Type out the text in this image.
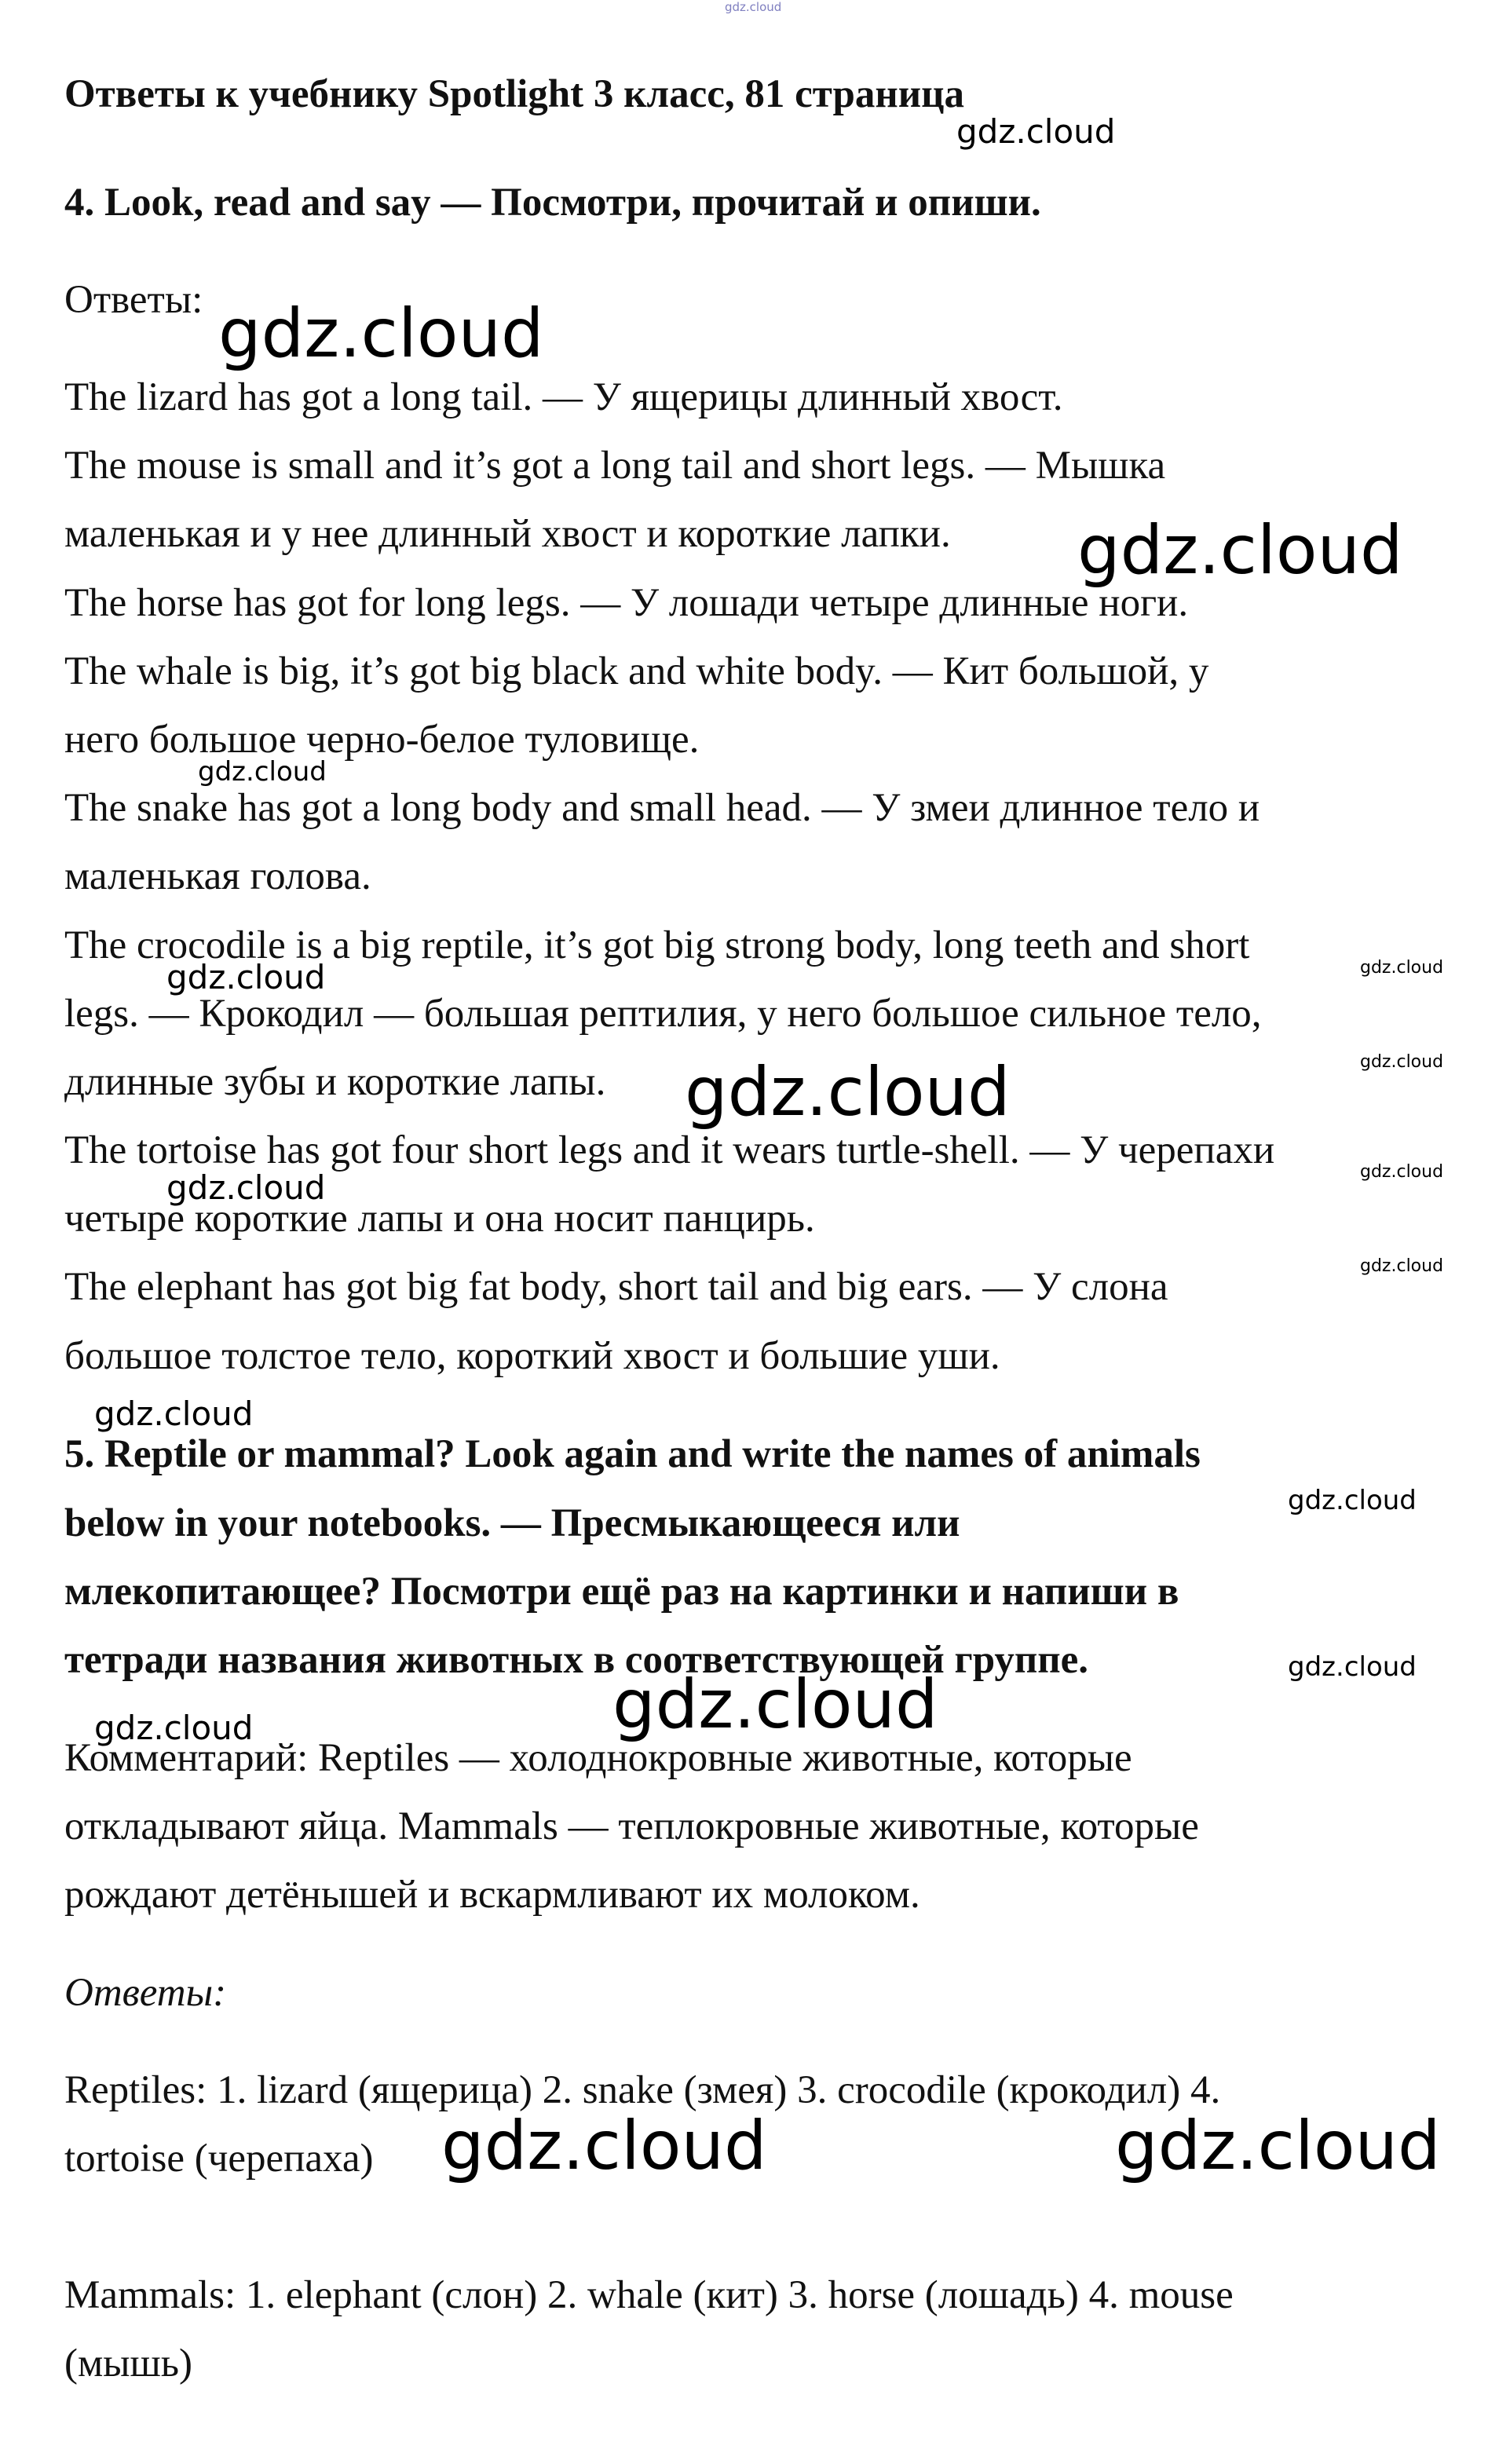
Ответы к учебнику Spotlight 3 класс, 81 страница
4. Look, read and say — Посмотри, прочитай и опиши.
Ответы:
The lizard has got a long tail. — У ящерицы длинный хвост.
The mouse is small and it’s got a long tail and short legs. — Мышка
маленькая и у нее длинный хвост и короткие лапки.
The horse has got for long legs. — У лошади четыре длинные ноги.
The whale is big, it’s got big black and white body. — Кит большой, у
него большое черно-белое туловище.
The snake has got a long body and small head. — У змеи длинное тело и
маленькая голова.
The crocodile is a big reptile, it’s got big strong body, long teeth and short
legs. — Крокодил — большая рептилия, у него большое сильное тело,
длинные зубы и короткие лапы.
The tortoise has got four short legs and it wears turtle-shell. — У черепахи
четыре короткие лапы и она носит панцирь.
The elephant has got big fat body, short tail and big ears. — У слона
большое толстое тело, короткий хвост и большие уши.
5. Reptile or mammal? Look again and write the names of animals
below in your notebooks. — Пресмыкающееся или
млекопитающее? Посмотри ещё раз на картинки и напиши в
тетради названия животных в соответствующей группе.
Комментарий: Reptiles — холоднокровные животные, которые
откладывают яйца. Mammals — теплокровные животные, которые
рождают детёнышей и вскармливают их молоком.
Ответы:
Reptiles: 1. lizard (ящерица) 2. snake (змея) 3. crocodile (крокодил) 4.
tortoise (черепаха)
Mammals: 1. elephant (слон) 2. whale (кит) 3. horse (лошадь) 4. mouse
(мышь)
gdz.cloud
gdz.cloud
gdz.cloud
gdz.cloud
gdz.cloud
gdz.cloud	gdz.cloud
gdz.cloud	gdz.cloud
gdz.cloud	gdz.cloud
gdz.cloud
gdz.cloud
gdz.cloud
gdz.cloud
gdz.cloud
gdz.cloud
gdz.cloud	gdz.cloud
